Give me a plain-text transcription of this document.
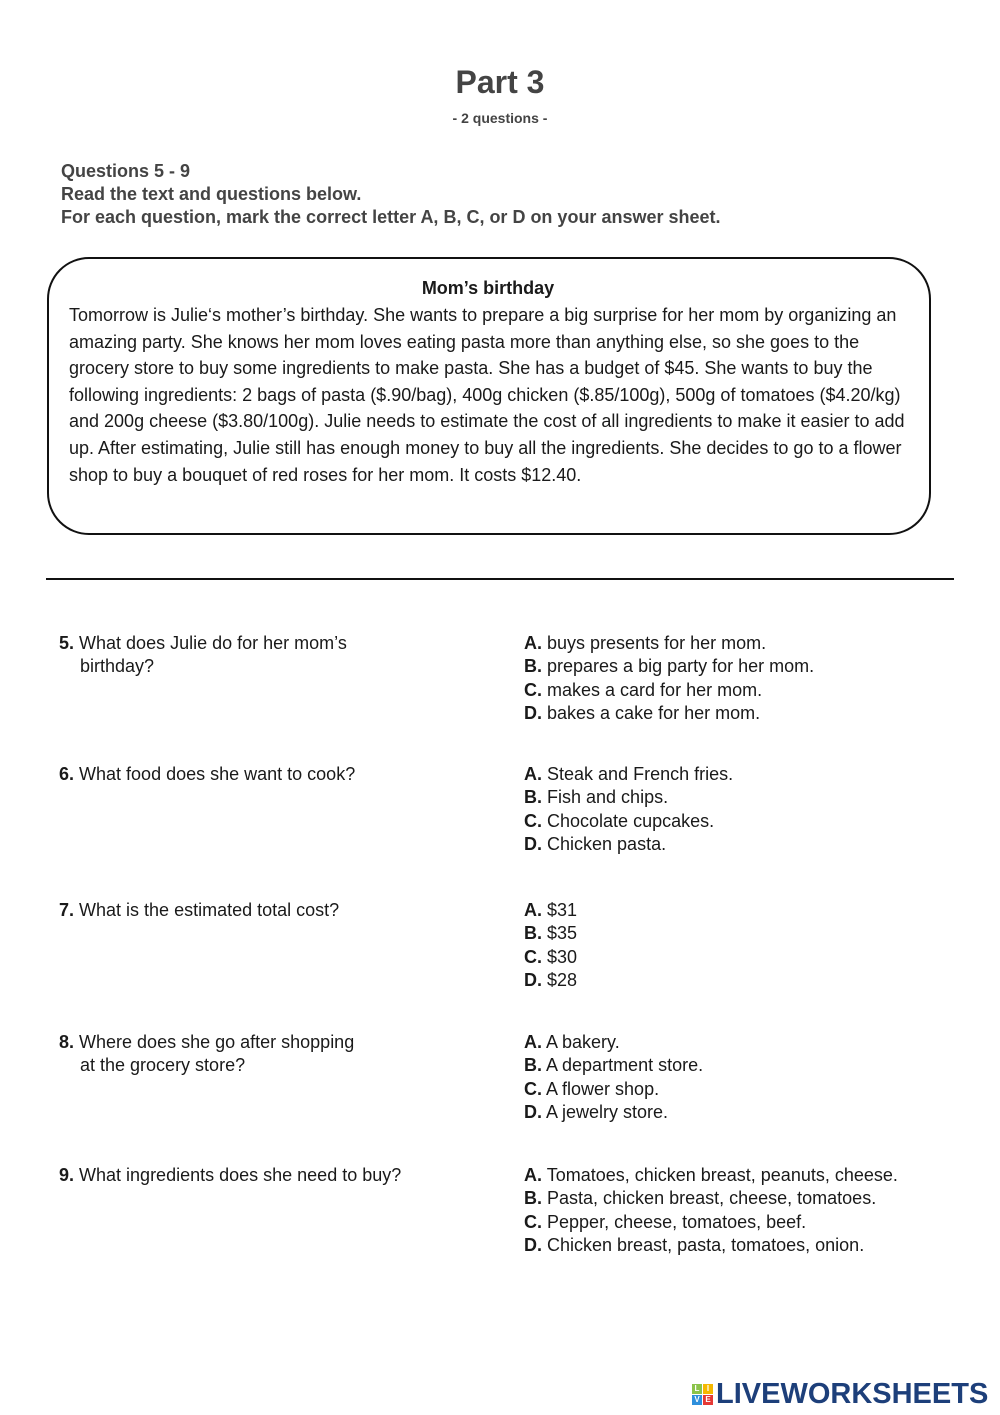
Part 3
- 2 questions -
Questions 5 - 9
Read the text and questions below.
For each question, mark the correct letter A, B, C, or D on your answer sheet.
Mom’s birthday
Tomorrow is Julie‘s mother’s birthday. She wants to prepare a big surprise for her mom by organizing an amazing party. She knows her mom loves eating pasta more than anything else, so she goes to the grocery store to buy some ingredients to make pasta. She has a budget of $45. She wants to buy the following ingredients: 2 bags of pasta ($.90/bag), 400g chicken ($.85/100g), 500g of tomatoes ($4.20/kg) and 200g cheese ($3.80/100g). Julie needs to estimate the cost of all ingredients to make it easier to add up. After estimating, Julie still has enough money to buy all the ingredients. She decides to go to a flower shop to buy a bouquet of red roses for her mom. It costs $12.40.
5. What does Julie do for her mom’s
birthday?
A. buys presents for her mom.
B. prepares a big party for her mom.
C. makes a card for her mom.
D. bakes a cake for her mom.
6. What food does she want to cook?	A. Steak and French fries.
B. Fish and chips.
C. Chocolate cupcakes.
D. Chicken pasta.
7. What is the estimated total cost?	A. $31
B. $35
C. $30
D. $28
8. Where does she go after shopping
at the grocery store?
A. A bakery.
B. A department store.
C. A flower shop.
D. A jewelry store.
9. What ingredients does she need to buy?	A. Tomatoes, chicken breast, peanuts, cheese.
B. Pasta, chicken breast, cheese, tomatoes.
C. Pepper, cheese, tomatoes, beef.
D. Chicken breast, pasta, tomatoes, onion.
L I
V E LIVEWORKSHEETS
